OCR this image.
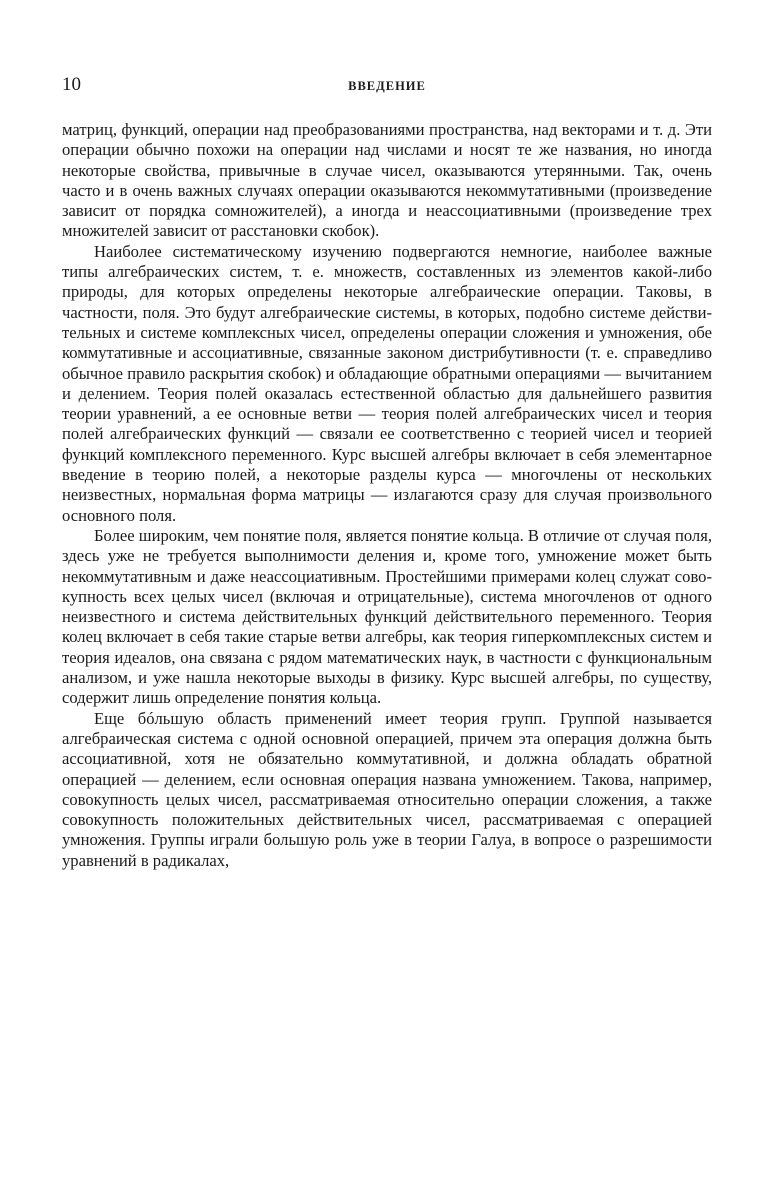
10	ВВЕДЕНИЕ

матриц, функций, операции над преобразованиями пространства, над векторами и т. д. Эти операции обычно похожи на операции над числами и носят те же названия, но иногда некоторые свойства, привычные в случае чисел, оказываются утерянными. Так, очень часто и в очень важных случаях операции оказываются некоммутативными (произведение зависит от порядка сомножителей), а иногда и неассоциативными (произведение трех множителей зависит от расстановки скобок).

Наиболее систематическому изучению подвергаются немногие, наиболее важные типы алгебраических систем, т. е. множеств, составленных из элементов какой-либо природы, для которых определены некоторые алгебраические операции. Таковы, в частности, поля. Это будут алгебраические системы, в которых, подобно системе действительных и системе комплексных чисел, определены операции сложения и умножения, обе коммутативные и ассоциативные, связанные законом дистрибутивности (т. е. справедливо обычное правило раскрытия скобок) и обладающие обратными операциями — вычитанием и делением. Теория полей оказалась естественной областью для дальнейшего развития теории уравнений, а ее основные ветви — теория полей алгебраических чисел и теория полей алгебраических функций — связали ее соответственно с теорией чисел и теорией функций комплексного переменного. Курс высшей алгебры включает в себя элементарное введение в теорию полей, а некоторые разделы курса — многочлены от нескольких неизвестных, нормальная форма матрицы — излагаются сразу для случая произвольного основного поля.

Более широким, чем понятие поля, является понятие кольца. В отличие от случая поля, здесь уже не требуется выполнимости деления и, кроме того, умножение может быть некоммутативным и даже неассоциативным. Простейшими примерами колец служат совокупность всех целых чисел (включая и отрицательные), система многочленов от одного неизвестного и система действительных функций действительного переменного. Теория колец включает в себя такие старые ветви алгебры, как теория гиперкомплексных систем и теория идеалов, она связана с рядом математических наук, в частности с функциональным анализом, и уже нашла некоторые выходы в физику. Курс высшей алгебры, по существу, содержит лишь определение понятия кольца.

Еще бóльшую область применений имеет теория групп. Группой называется алгебраическая система с одной основной операцией, причем эта операция должна быть ассоциативной, хотя не обязательно коммутативной, и должна обладать обратной операцией — делением, если основная операция названа умножением. Такова, например, совокупность целых чисел, рассматриваемая относительно операции сложения, а также совокупность положительных действительных чисел, рассматриваемая с операцией умножения. Группы играли большую роль уже в теории Галуа, в вопросе о разрешимости уравнений в радикалах,
